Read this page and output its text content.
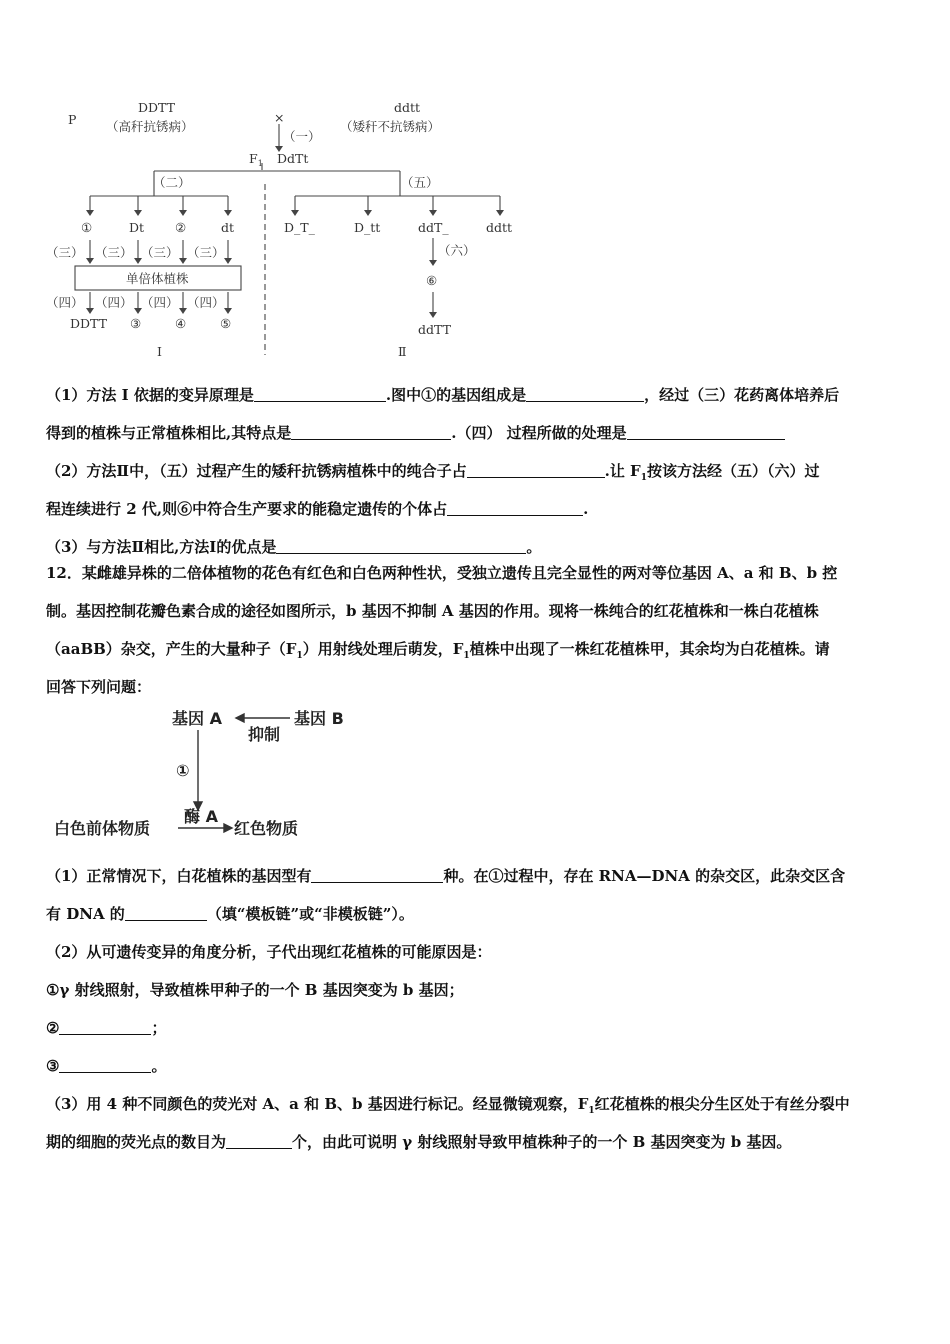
P
DDTT
（高秆抗锈病）
×
ddtt
（矮秆不抗锈病）
（一）
$F_1$ DdTt
（二）	（五）
①	Dt ②	dt
（三） （三） （三） （三）
单倍体植株
（四） （四） （四） （四）
DDTT ③	④	⑤
D_T_	D_tt	ddT_	ddtt
（六）
⑥
ddTT
Ⅰ	Ⅱ
（1）方法 I 依据的变异原理是	.图中①的基因组成是	，经过（三）花药离体培养后
得到的植株与正常植株相比,其特点是	.（四） 过程所做的处理是
（2）方法Ⅱ中，（五）过程产生的矮秆抗锈病植株中的纯合子占	.让 $F_1$按该方法经（五）（六）过
程连续进行 2 代,则⑥中符合生产要求的能稳定遗传的个体占	.
（3）与方法Ⅱ相比,方法Ⅰ的优点是	。
12．某雌雄异株的二倍体植物的花色有红色和白色两种性状，受独立遗传且完全显性的两对等位基因 A、a 和 B、b 控
制。基因控制花瓣色素合成的途径如图所示，b 基因不抑制 A 基因的作用。现将一株纯合的红花植株和一株白花植株
（aaBB）杂交，产生的大量种子$(F_1)$用射线处理后萌发，$F_1$植株中出现了一株红花植株甲，其余均为白花植株。请
回答下列问题：
基因 A	基因 B
抑制
①
白色前体物质
酶 A
红色物质
（1）正常情况下，白花植株的基因型有	种。在①过程中，存在 RNA—DNA 的杂交区，此杂交区含
有 DNA 的	（填“模板链”或“非模板链”）。
（2）从可遗传变异的角度分析，子代出现红花植株的可能原因是：
①γ 射线照射，导致植株甲种子的一个 B 基因突变为 b 基因；
②	；
③	。
（3）用 4 种不同颜色的荧光对 A、a 和 B、b 基因进行标记。经显微镜观察，$F_1$红花植株的根尖分生区处于有丝分裂中
期的细胞的荧光点的数目为	个，由此可说明 γ 射线照射导致甲植株种子的一个 B 基因突变为 b 基因。
